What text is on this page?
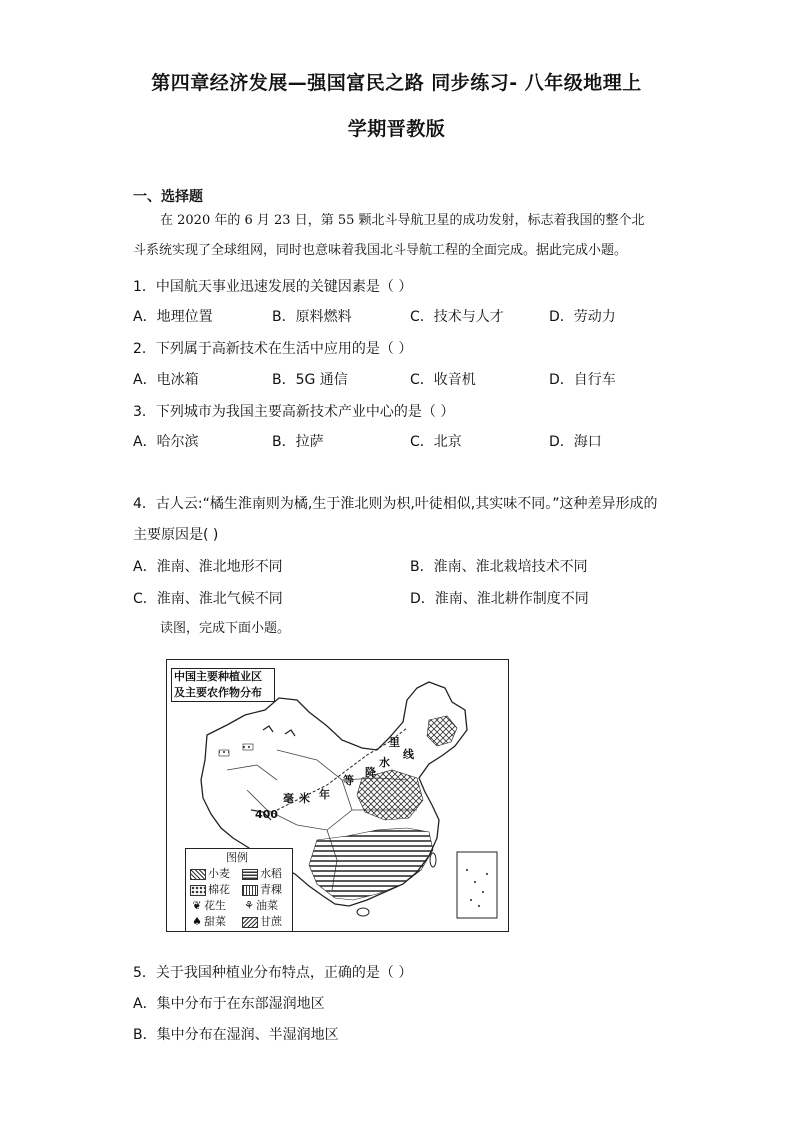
第四章经济发展—强国富民之路 同步练习- 八年级地理上
学期晋教版
一、选择题
在 2020 年的 6 月 23 日，第 55 颗北斗导航卫星的成功发射，标志着我国的整个北
斗系统实现了全球组网，同时也意味着我国北斗导航工程的全面完成。据此完成小题。
1．中国航天事业迅速发展的关键因素是（ ）
A．地理位置	B．原料燃料	C．技术与人才	D．劳动力
2．下列属于高新技术在生活中应用的是（ ）
A．电冰箱	B．5G 通信	C．收音机	D．自行车
3．下列城市为我国主要高新技术产业中心的是（ ）
A．哈尔滨	B．拉萨	C．北京	D．海口
4．古人云:“橘生淮南则为橘,生于淮北则为枳,叶徒相似,其实味不同。”这种差异形成的
主要原因是( )
A．淮南、淮北地形不同	B．淮南、淮北栽培技术不同
C．淮南、淮北气候不同	D．淮南、淮北耕作制度不同
读图，完成下面小题。
中国主要种植业区
及主要农作物分布
里
线
水
降
等
毫 米 年
400
图例
小麦	水稻
棉花	青稞
❦ 花生 ⚘ 油菜
♠ 甜菜	甘蔗
5．关于我国种植业分布特点，正确的是（ ）
A．集中分布于在东部湿润地区
B．集中分布在湿润、半湿润地区
